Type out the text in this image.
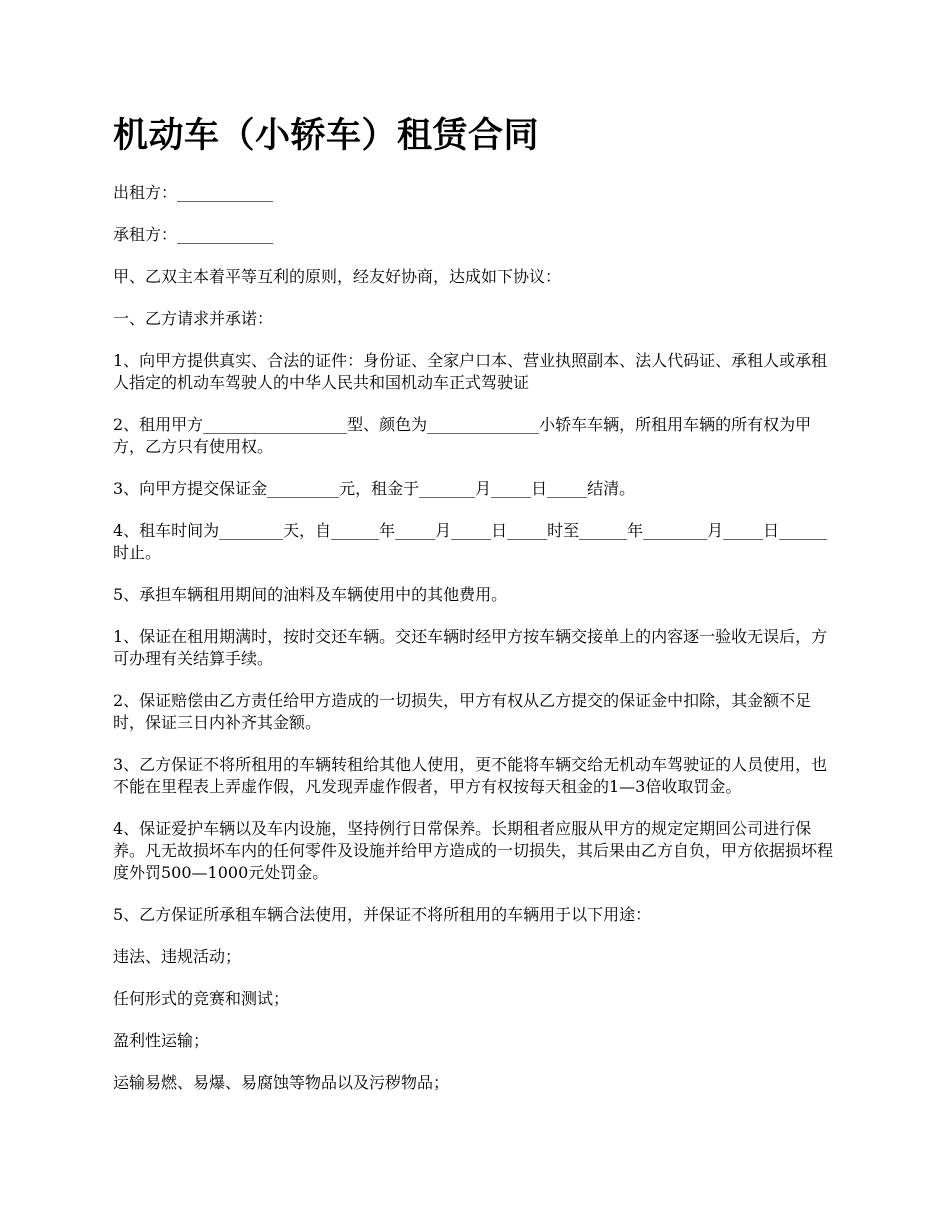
机动车（小轿车）租赁合同

出租方：____________

承租方：____________

甲、乙双主本着平等互利的原则，经友好协商，达成如下协议：

一、乙方请求并承诺：

1、向甲方提供真实、合法的证件：身份证、全家户口本、营业执照副本、法人代码证、承租人或承租人指定的机动车驾驶人的中华人民共和国机动车正式驾驶证

2、租用甲方__________________型、颜色为______________小轿车车辆，所租用车辆的所有权为甲方，乙方只有使用权。

3、向甲方提交保证金_________元，租金于_______月_____日_____结清。

4、租车时间为________天，自______年_____月_____日_____时至______年________月_____日______时止。

5、承担车辆租用期间的油料及车辆使用中的其他费用。

1、保证在租用期满时，按时交还车辆。交还车辆时经甲方按车辆交接单上的内容逐一验收无误后，方可办理有关结算手续。

2、保证赔偿由乙方责任给甲方造成的一切损失，甲方有权从乙方提交的保证金中扣除，其金额不足时，保证三日内补齐其金额。

3、乙方保证不将所租用的车辆转租给其他人使用，更不能将车辆交给无机动车驾驶证的人员使用，也不能在里程表上弄虚作假，凡发现弄虚作假者，甲方有权按每天租金的1—3倍收取罚金。

4、保证爱护车辆以及车内设施，坚持例行日常保养。长期租者应服从甲方的规定定期回公司进行保养。凡无故损坏车内的任何零件及设施并给甲方造成的一切损失，其后果由乙方自负，甲方依据损坏程度外罚500—1000元处罚金。

5、乙方保证所承租车辆合法使用，并保证不将所租用的车辆用于以下用途：

违法、违规活动；

任何形式的竞赛和测试；

盈利性运输；

运输易燃、易爆、易腐蚀等物品以及污秽物品；
